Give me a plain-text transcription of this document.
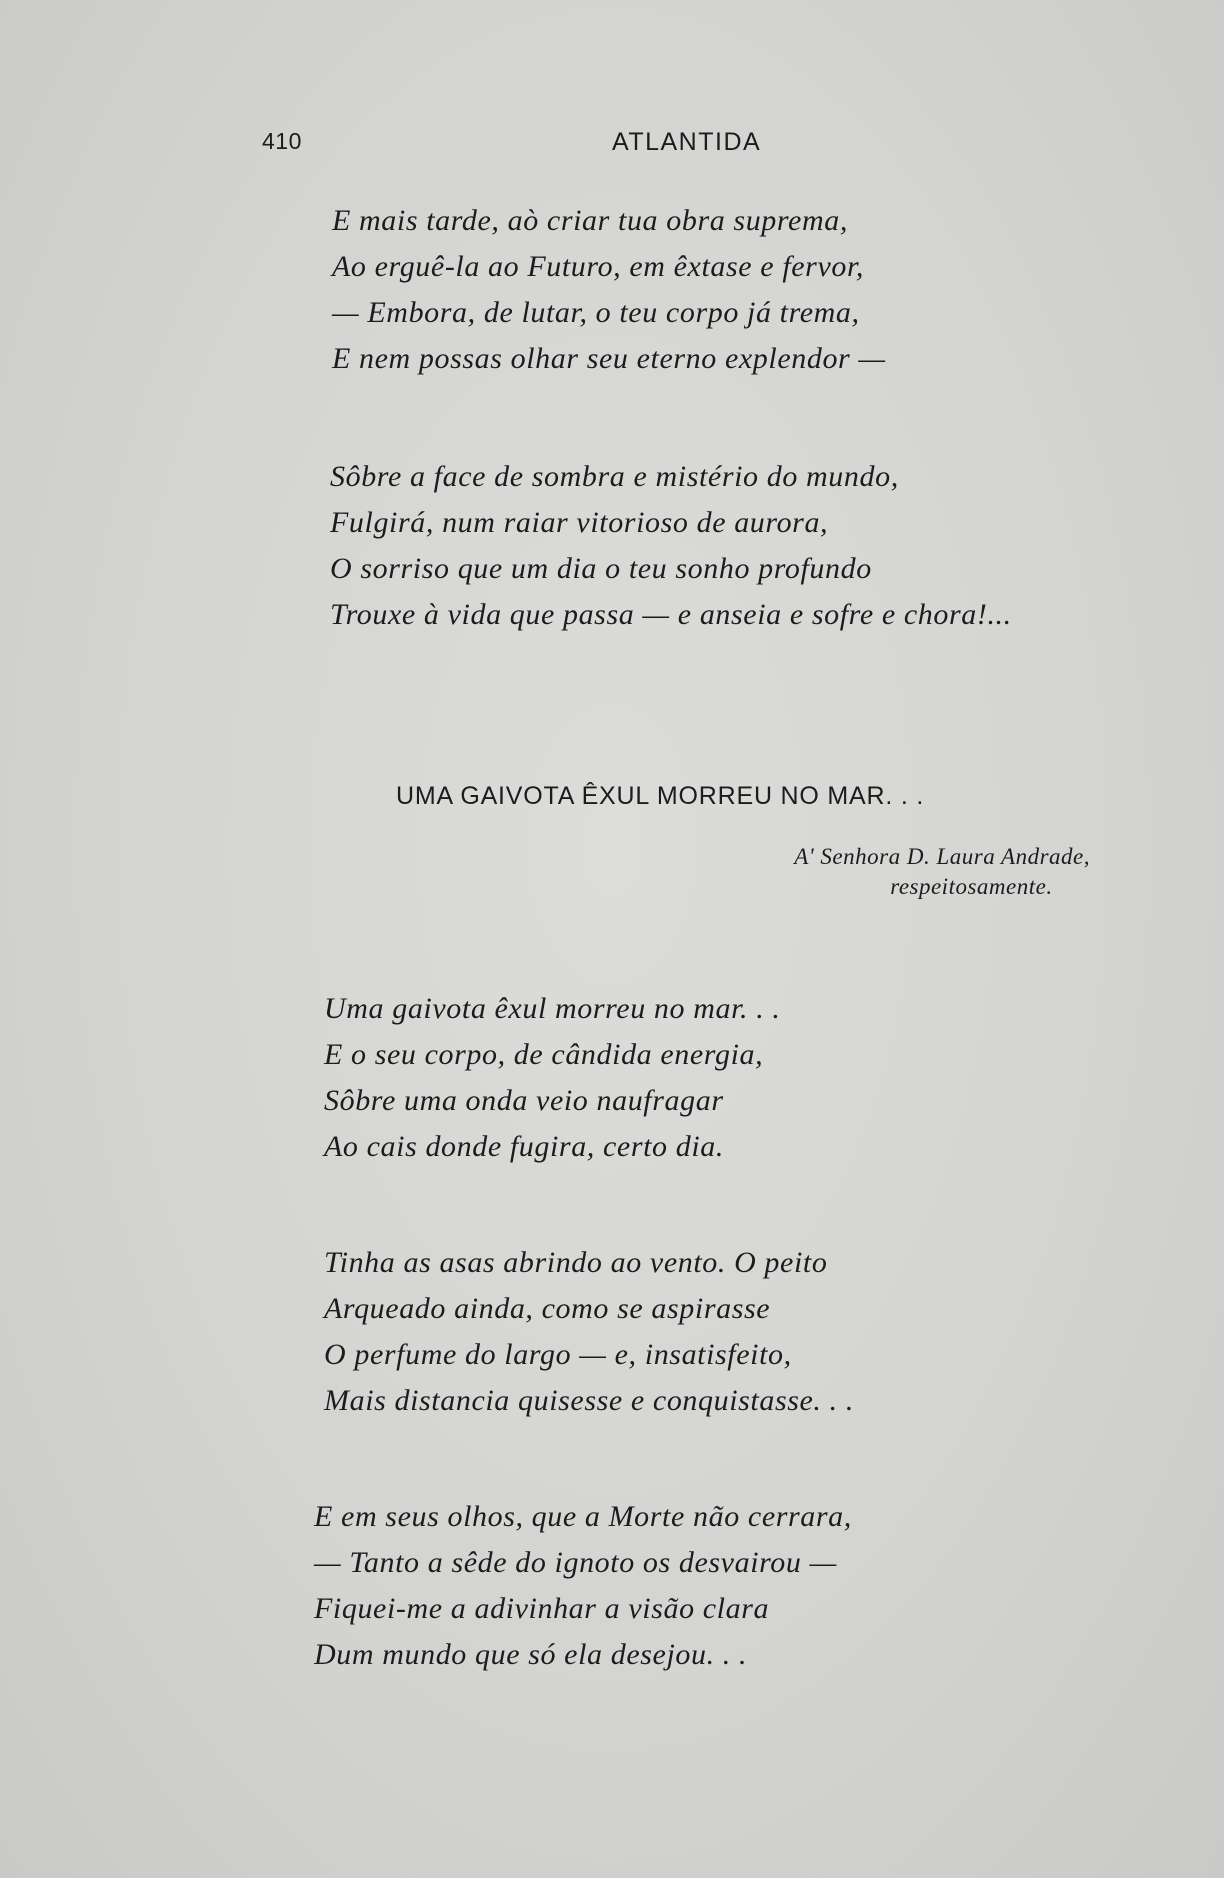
410	ATLANTIDA
E mais tarde, aò criar tua obra suprema,
Ao erguê-la ao Futuro, em êxtase e fervor,
— Embora, de lutar, o teu corpo já trema,
E nem possas olhar seu eterno explendor —
Sôbre a face de sombra e mistério do mundo,
Fulgirá, num raiar vitorioso de aurora,
O sorriso que um dia o teu sonho profundo
Trouxe à vida que passa — e anseia e sofre e chora!...
UMA GAIVOTA ÊXUL MORREU NO MAR. . .
A' Senhora D. Laura Andrade,
respeitosamente.
Uma gaivota êxul morreu no mar. . .
E o seu corpo, de cândida energia,
Sôbre uma onda veio naufragar
Ao cais donde fugira, certo dia.
Tinha as asas abrindo ao vento. O peito
Arqueado ainda, como se aspirasse
O perfume do largo — e, insatisfeito,
Mais distancia quisesse e conquistasse. . .
E em seus olhos, que a Morte não cerrara,
— Tanto a sêde do ignoto os desvairou —
Fiquei-me a adivinhar a visão clara
Dum mundo que só ela desejou. . .
